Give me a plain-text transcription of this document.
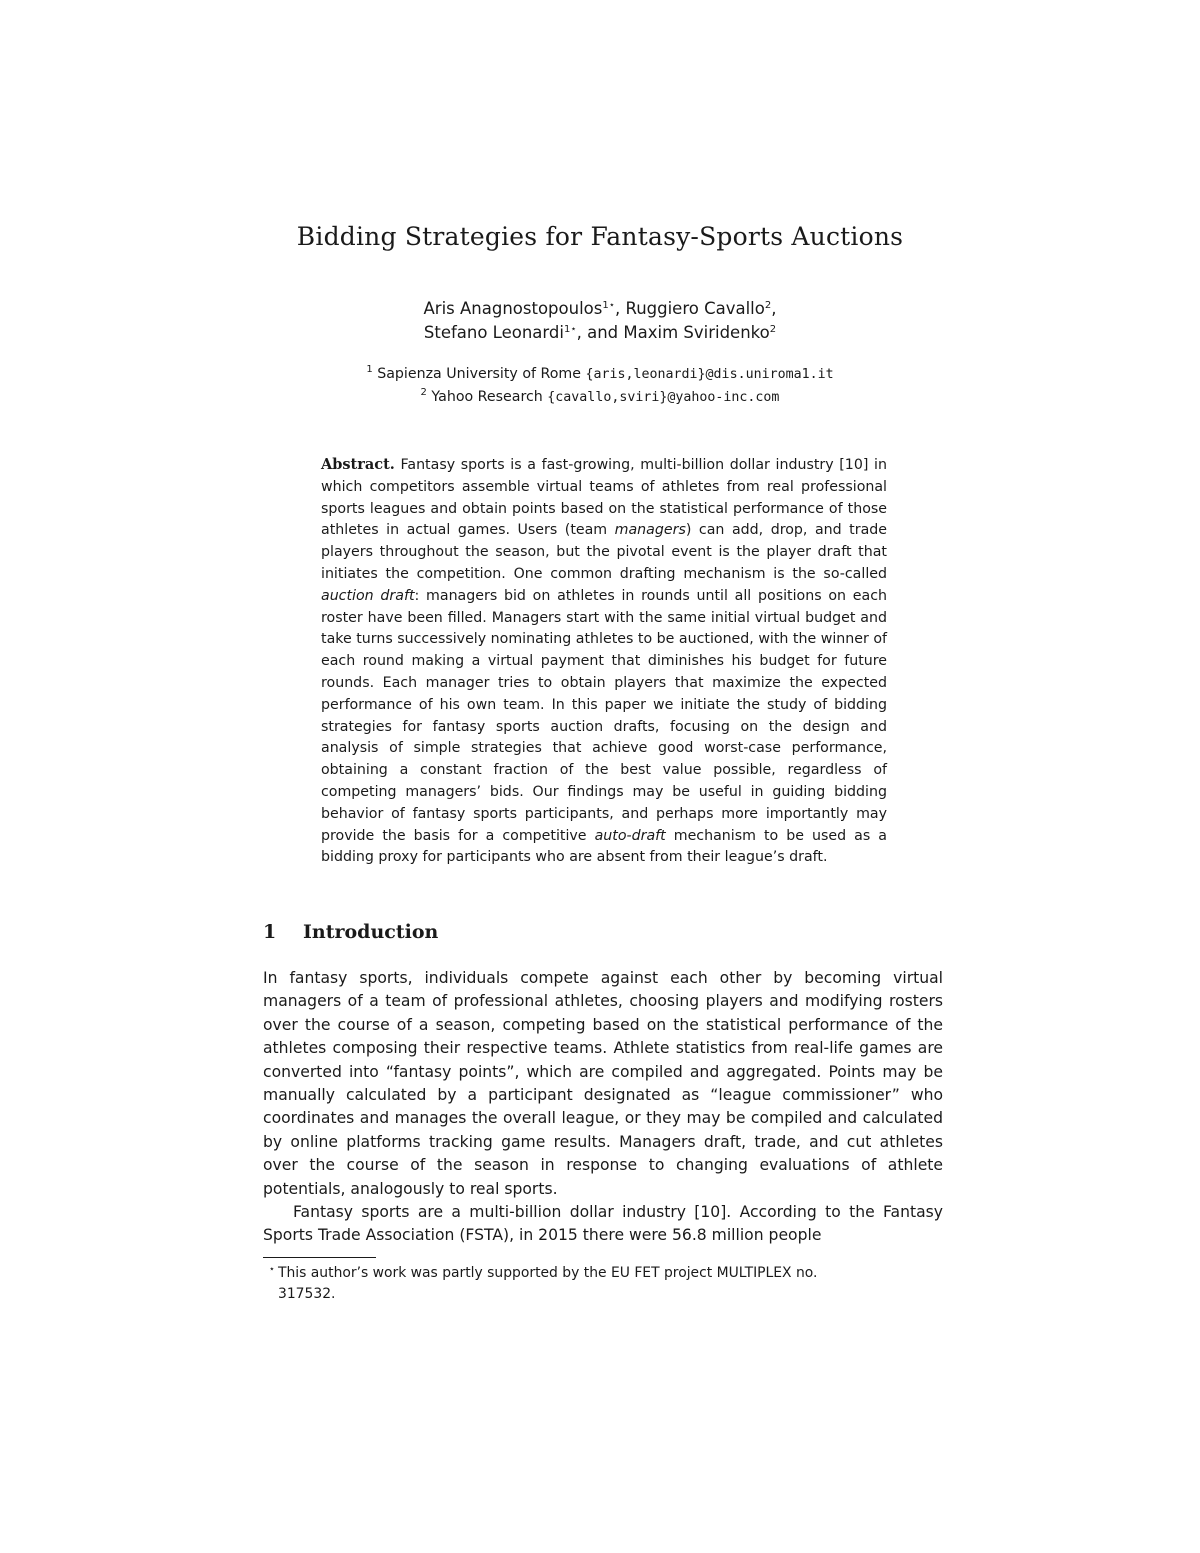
Bidding Strategies for Fantasy-Sports Auctions
Aris Anagnostopoulos$^{1⋆}$, Ruggiero Cavallo$^2$,
Stefano Leonardi$^{1⋆}$, and Maxim Sviridenko$^2$
$^1$ Sapienza University of Rome {aris,leonardi}@dis.uniroma1.it
$^2$ Yahoo Research {cavallo,sviri}@yahoo-inc.com
Abstract. Fantasy sports is a fast-growing, multi-billion dollar industry [10] in which competitors assemble virtual teams of athletes from real professional sports leagues and obtain points based on the statistical performance of those athletes in actual games. Users (team managers) can add, drop, and trade players throughout the season, but the pivotal event is the player draft that initiates the competition. One common drafting mechanism is the so-called auction draft: managers bid on athletes in rounds until all positions on each roster have been filled. Managers start with the same initial virtual budget and take turns successively nominating athletes to be auctioned, with the winner of each round making a virtual payment that diminishes his budget for future rounds. Each manager tries to obtain players that maximize the expected performance of his own team. In this paper we initiate the study of bidding strategies for fantasy sports auction drafts, focusing on the design and analysis of simple strategies that achieve good worst-case performance, obtaining a constant fraction of the best value possible, regardless of competing managers’ bids. Our findings may be useful in guiding bidding behavior of fantasy sports participants, and perhaps more importantly may provide the basis for a competitive auto-draft mechanism to be used as a bidding proxy for participants who are absent from their league’s draft.
1 Introduction

In fantasy sports, individuals compete against each other by becoming virtual managers of a team of professional athletes, choosing players and modifying rosters over the course of a season, competing based on the statistical performance of the athletes composing their respective teams. Athlete statistics from real-life games are converted into “fantasy points”, which are compiled and aggregated. Points may be manually calculated by a participant designated as “league commissioner” who coordinates and manages the overall league, or they may be compiled and calculated by online platforms tracking game results. Managers draft, trade, and cut athletes over the course of the season in response to changing evaluations of athlete potentials, analogously to real sports.

Fantasy sports are a multi-billion dollar industry [10]. According to the Fantasy Sports Trade Association (FSTA), in 2015 there were 56.8 million people

⋆ This author’s work was partly supported by the EU FET project MULTIPLEX no.
317532.
